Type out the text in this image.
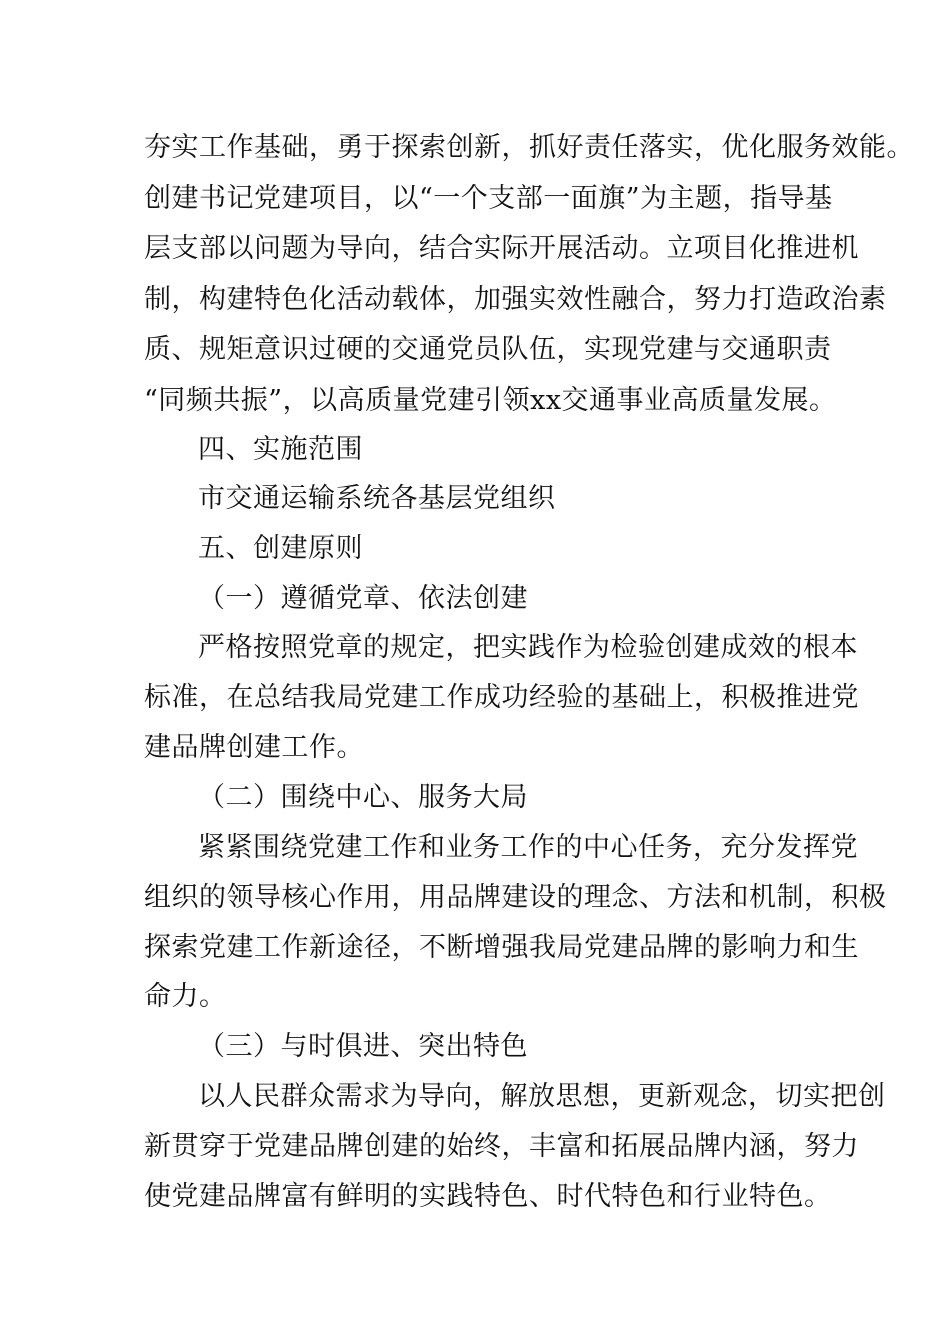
夯实工作基础，勇于探索创新，抓好责任落实，优化服务效能。
创建书记党建项目，以“一个支部一面旗”为主题，指导基
层支部以问题为导向，结合实际开展活动。立项目化推进机
制，构建特色化活动载体，加强实效性融合，努力打造政治素
质、规矩意识过硬的交通党员队伍，实现党建与交通职责
“同频共振”，以高质量党建引领xx交通事业高质量发展。
四、实施范围
市交通运输系统各基层党组织
五、创建原则
（一）遵循党章、依法创建
严格按照党章的规定，把实践作为检验创建成效的根本
标准，在总结我局党建工作成功经验的基础上，积极推进党
建品牌创建工作。
（二）围绕中心、服务大局
紧紧围绕党建工作和业务工作的中心任务，充分发挥党
组织的领导核心作用，用品牌建设的理念、方法和机制，积极
探索党建工作新途径，不断增强我局党建品牌的影响力和生
命力。
（三）与时俱进、突出特色
以人民群众需求为导向，解放思想，更新观念，切实把创
新贯穿于党建品牌创建的始终，丰富和拓展品牌内涵，努力
使党建品牌富有鲜明的实践特色、时代特色和行业特色。
